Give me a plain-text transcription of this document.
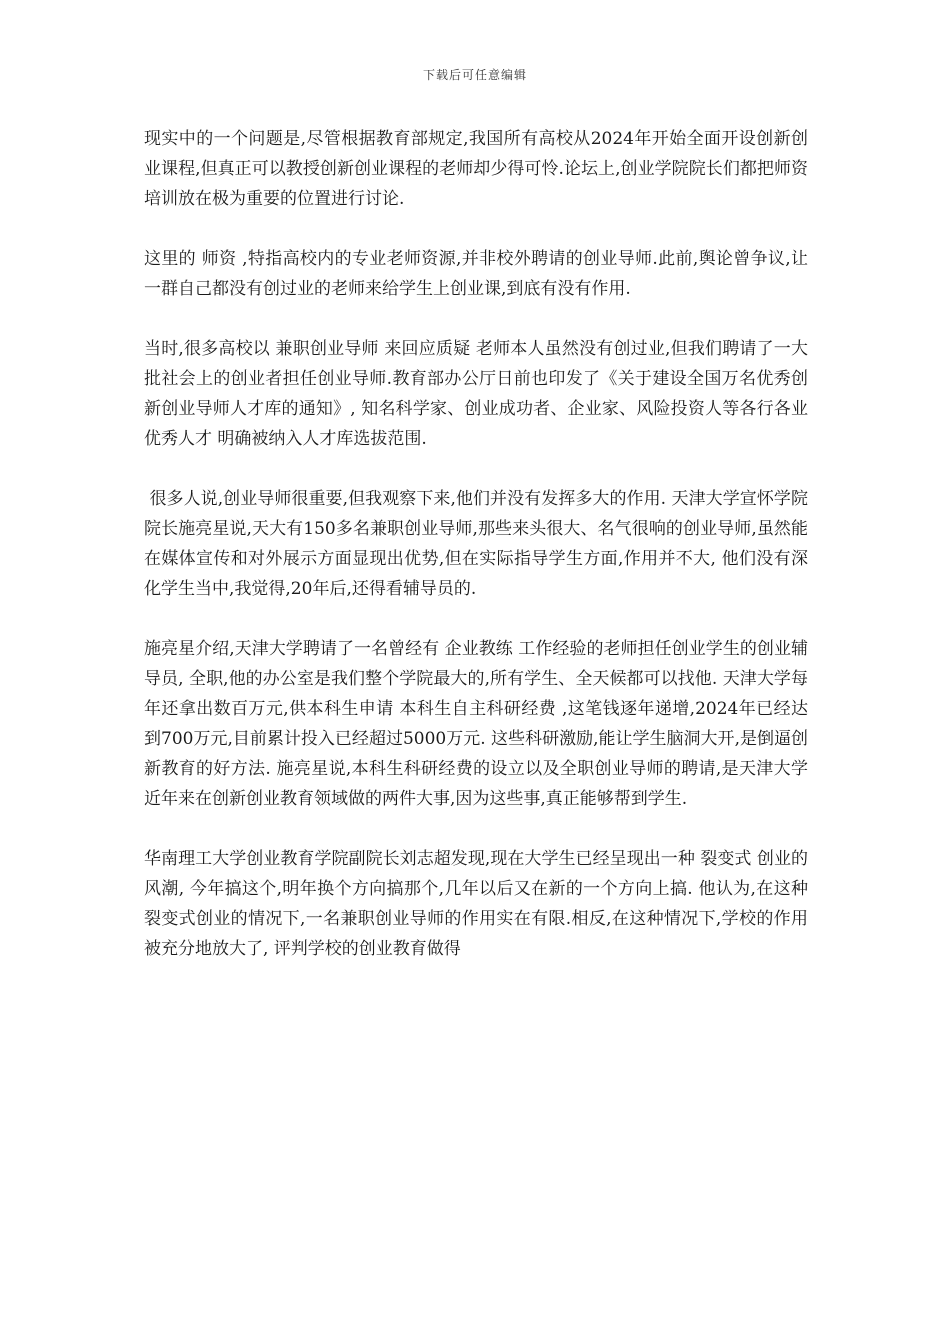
下载后可任意编辑

现实中的一个问题是,尽管根据教育部规定,我国所有高校从2024年开始全面开设创新创业课程,但真正可以教授创新创业课程的老师却少得可怜.论坛上,创业学院院长们都把师资培训放在极为重要的位置进行讨论.

这里的 师资 ,特指高校内的专业老师资源,并非校外聘请的创业导师.此前,舆论曾争议,让一群自己都没有创过业的老师来给学生上创业课,到底有没有作用.

当时,很多高校以 兼职创业导师 来回应质疑 老师本人虽然没有创过业,但我们聘请了一大批社会上的创业者担任创业导师.教育部办公厅日前也印发了《关于建设全国万名优秀创新创业导师人才库的通知》, 知名科学家、创业成功者、企业家、风险投资人等各行各业优秀人才 明确被纳入人才库选拔范围.

很多人说,创业导师很重要,但我观察下来,他们并没有发挥多大的作用. 天津大学宣怀学院院长施亮星说,天大有150多名兼职创业导师,那些来头很大、名气很响的创业导师,虽然能在媒体宣传和对外展示方面显现出优势,但在实际指导学生方面,作用并不大, 他们没有深化学生当中,我觉得,20年后,还得看辅导员的.

施亮星介绍,天津大学聘请了一名曾经有 企业教练 工作经验的老师担任创业学生的创业辅导员, 全职,他的办公室是我们整个学院最大的,所有学生、全天候都可以找他. 天津大学每年还拿出数百万元,供本科生申请 本科生自主科研经费 ,这笔钱逐年递增,2024年已经达到700万元,目前累计投入已经超过5000万元. 这些科研激励,能让学生脑洞大开,是倒逼创新教育的好方法. 施亮星说,本科生科研经费的设立以及全职创业导师的聘请,是天津大学近年来在创新创业教育领域做的两件大事,因为这些事,真正能够帮到学生.

华南理工大学创业教育学院副院长刘志超发现,现在大学生已经呈现出一种 裂变式 创业的风潮, 今年搞这个,明年换个方向搞那个,几年以后又在新的一个方向上搞. 他认为,在这种裂变式创业的情况下,一名兼职创业导师的作用实在有限.相反,在这种情况下,学校的作用被充分地放大了, 评判学校的创业教育做得
